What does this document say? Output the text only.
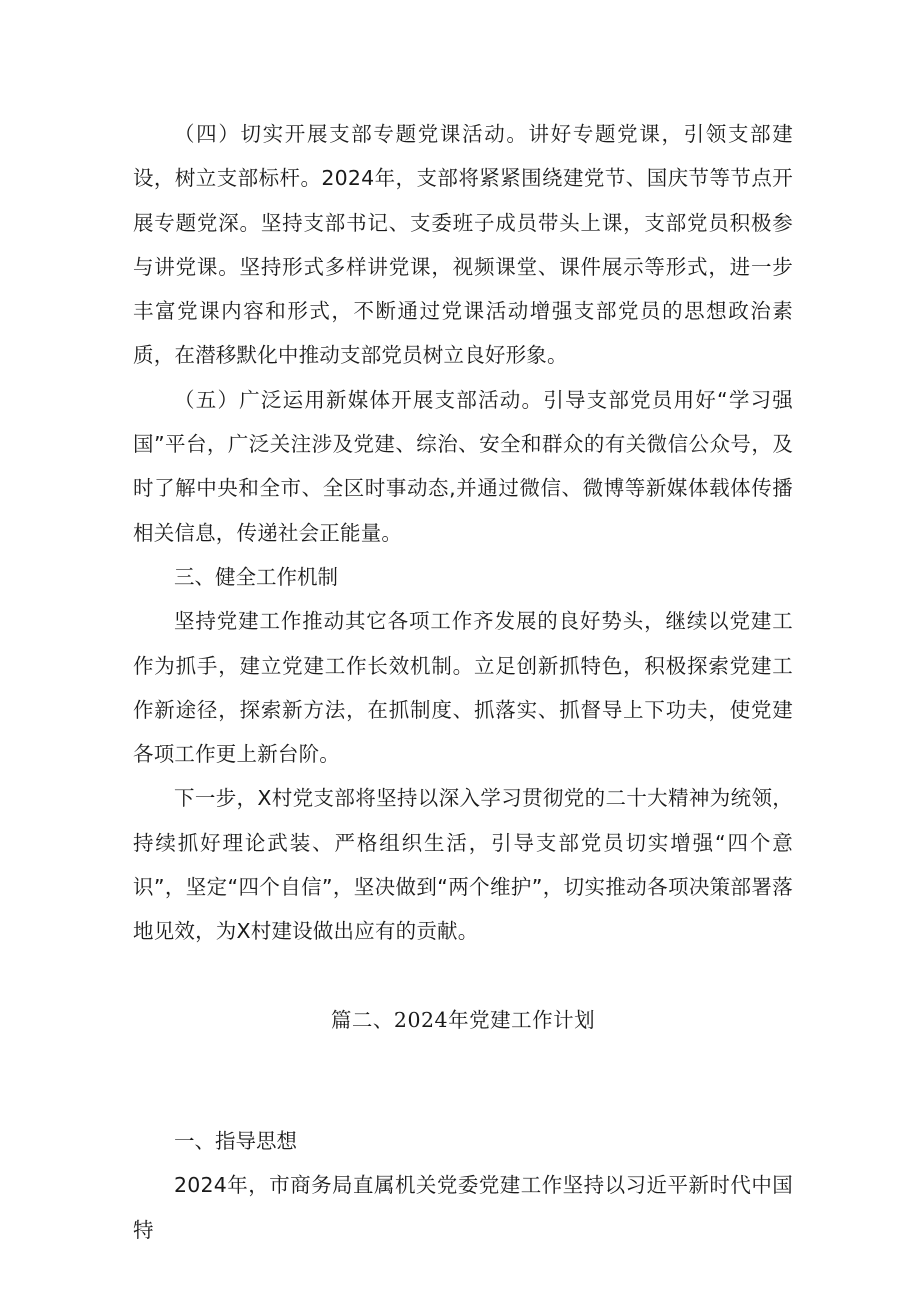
（四）切实开展支部专题党课活动。讲好专题党课，引领支部建设，树立支部标杆。2024年，支部将紧紧围绕建党节、国庆节等节点开展专题党深。坚持支部书记、支委班子成员带头上课，支部党员积极参与讲党课。坚持形式多样讲党课，视频课堂、课件展示等形式，进一步丰富党课内容和形式，不断通过党课活动增强支部党员的思想政治素质，在潜移默化中推动支部党员树立良好形象。

（五）广泛运用新媒体开展支部活动。引导支部党员用好“学习强国”平台，广泛关注涉及党建、综治、安全和群众的有关微信公众号，及时了解中央和全市、全区时事动态,并通过微信、微博等新媒体载体传播相关信息，传递社会正能量。

三、健全工作机制

坚持党建工作推动其它各项工作齐发展的良好势头，继续以党建工作为抓手，建立党建工作长效机制。立足创新抓特色，积极探索党建工作新途径，探索新方法，在抓制度、抓落实、抓督导上下功夫，使党建各项工作更上新台阶。

下一步，X村党支部将坚持以深入学习贯彻党的二十大精神为统领，持续抓好理论武装、严格组织生活，引导支部党员切实增强“四个意识”，坚定“四个自信”，坚决做到“两个维护”，切实推动各项决策部署落地见效，为X村建设做出应有的贡献。

篇二、2024年党建工作计划

一、指导思想

2024年，市商务局直属机关党委党建工作坚持以习近平新时代中国特
